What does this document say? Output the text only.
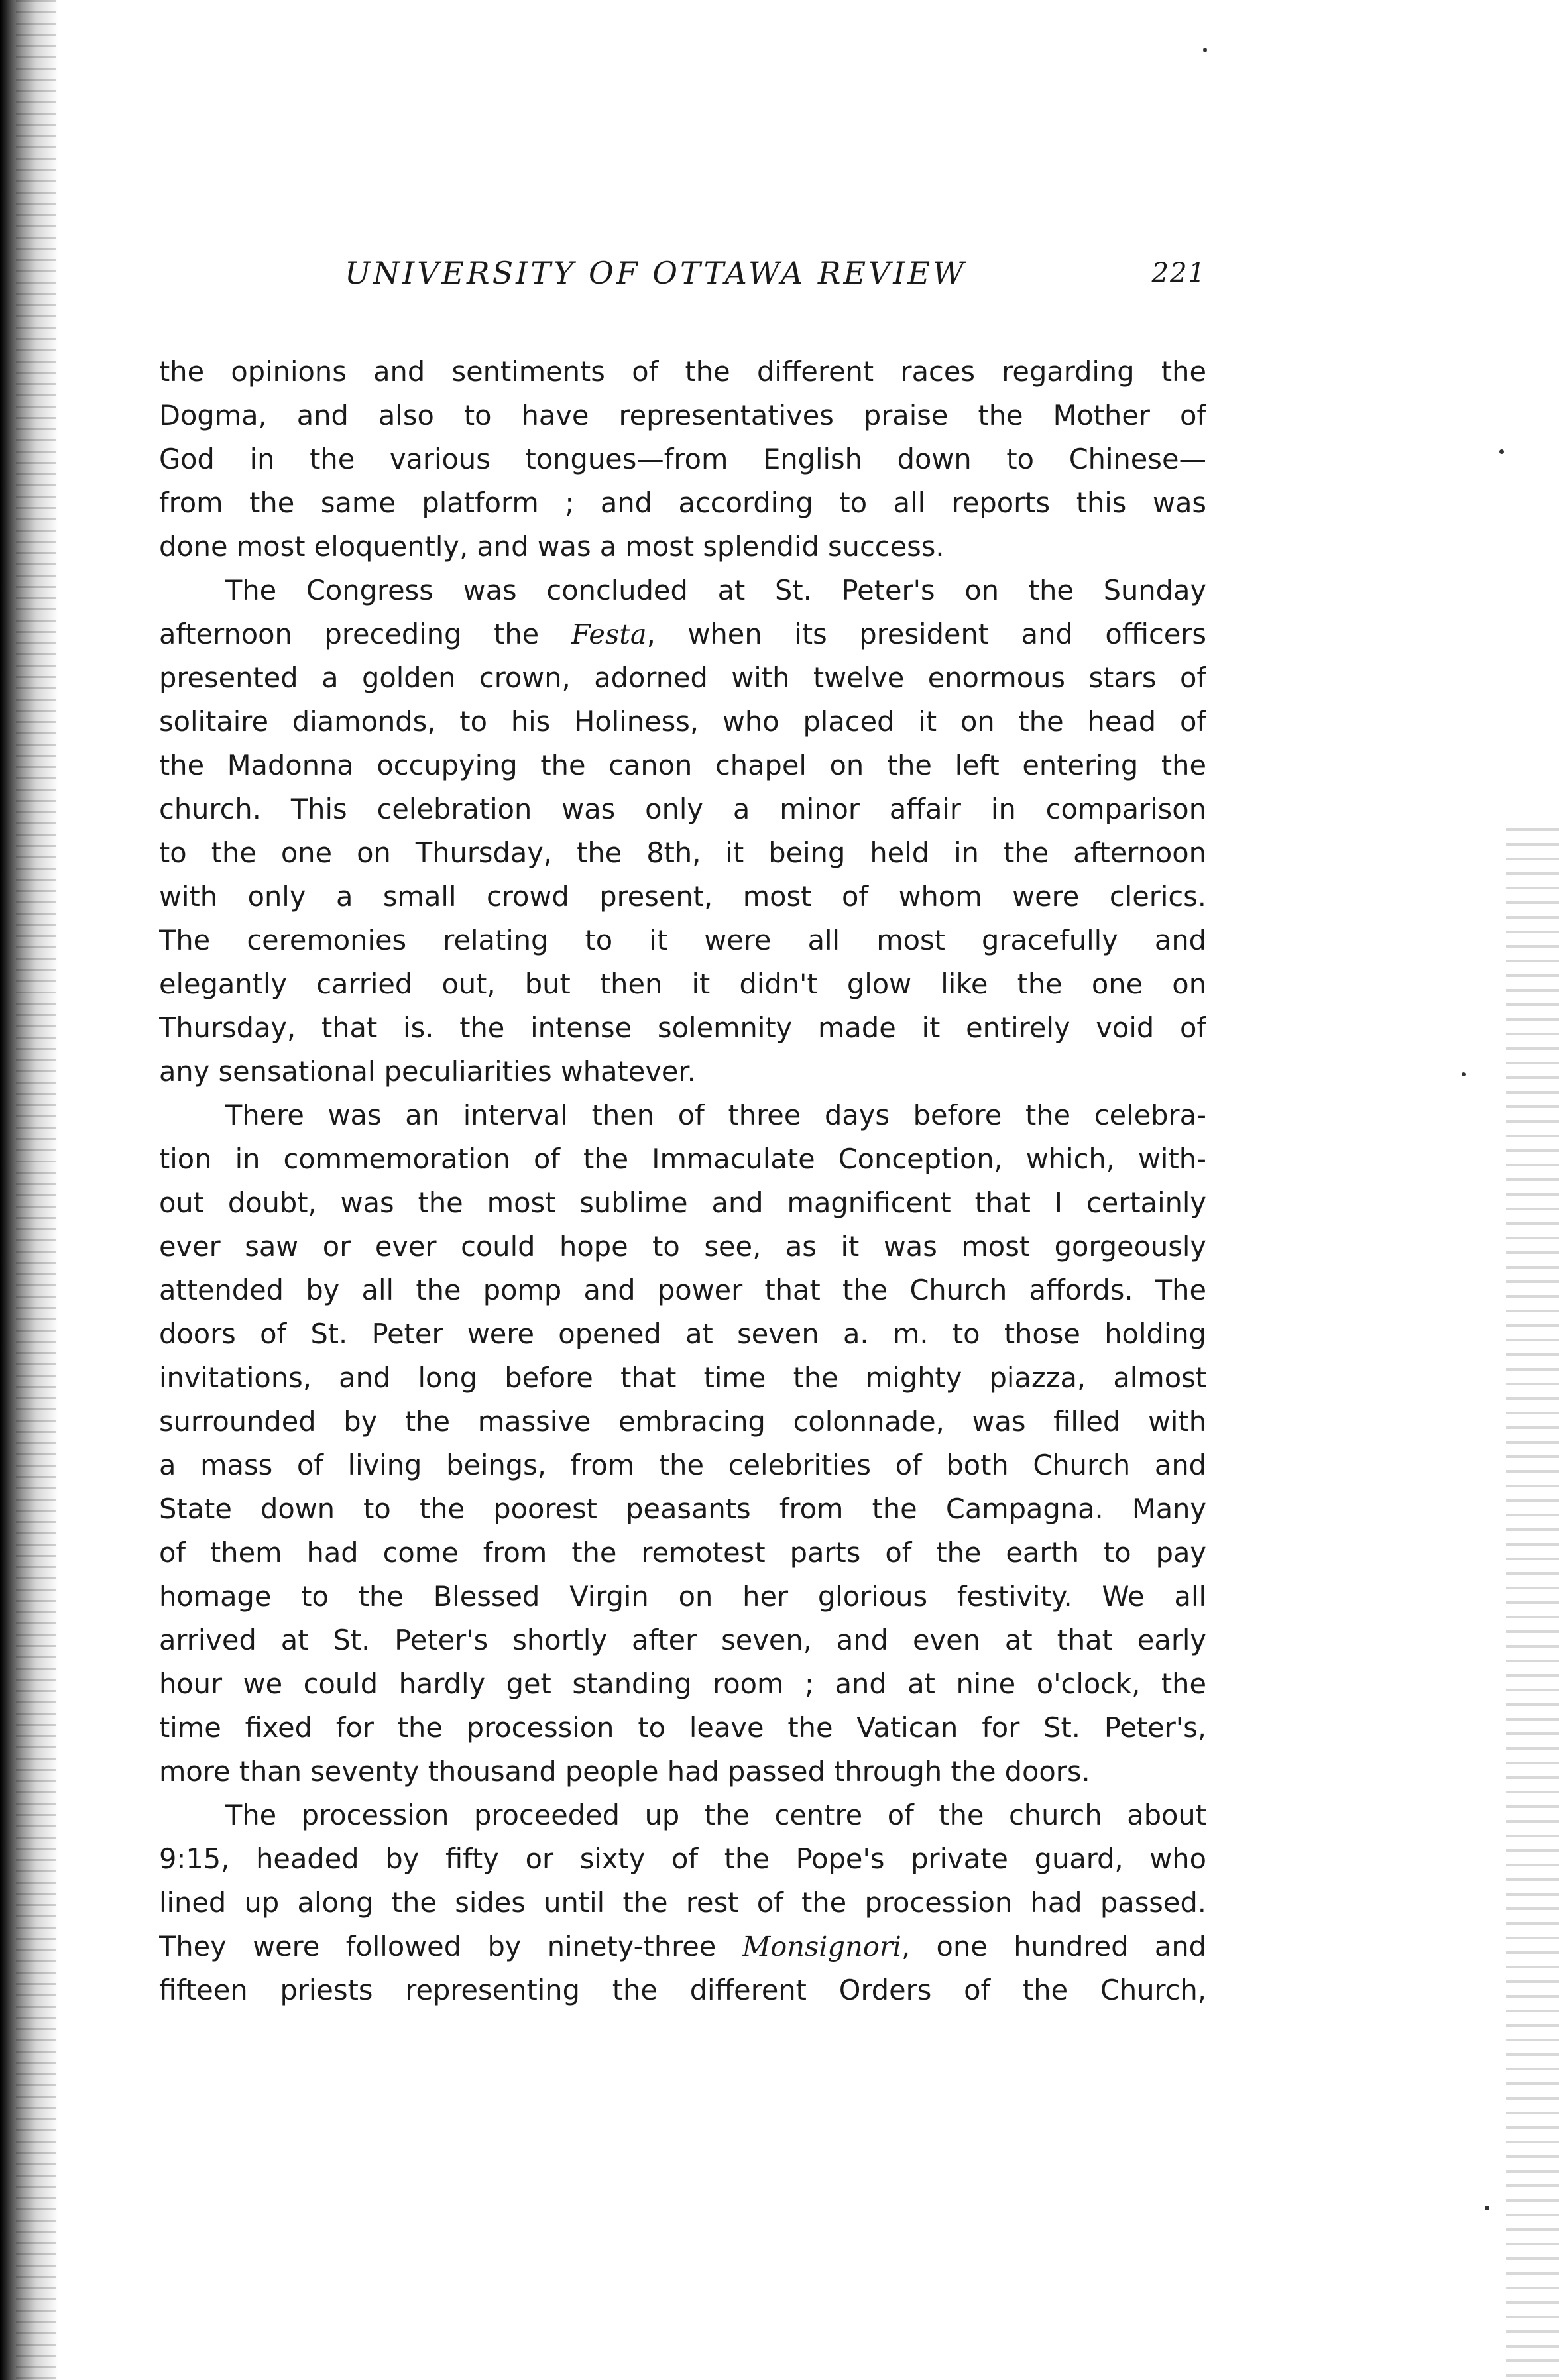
UNIVERSITY OF OTTAWA REVIEW	221
the opinions and sentiments of the different races regarding the
Dogma, and also to have representatives praise the Mother of
God in the various tongues—from English down to Chinese—
from the same platform ; and according to all reports this was
done most eloquently, and was a most splendid success.
The Congress was concluded at St. Peter's on the Sunday
afternoon preceding the Festa, when its president and officers
presented a golden crown, adorned with twelve enormous stars of
solitaire diamonds, to his Holiness, who placed it on the head of
the Madonna occupying the canon chapel on the left entering the
church. This celebration was only a minor affair in comparison
to the one on Thursday, the 8th, it being held in the afternoon
with only a small crowd present, most of whom were clerics.
The ceremonies relating to it were all most gracefully and
elegantly carried out, but then it didn't glow like the one on
Thursday, that is. the intense solemnity made it entirely void of
any sensational peculiarities whatever.
There was an interval then of three days before the celebra-
tion in commemoration of the Immaculate Conception, which, with-
out doubt, was the most sublime and magnificent that I certainly
ever saw or ever could hope to see, as it was most gorgeously
attended by all the pomp and power that the Church affords. The
doors of St. Peter were opened at seven a. m. to those holding
invitations, and long before that time the mighty piazza, almost
surrounded by the massive embracing colonnade, was filled with
a mass of living beings, from the celebrities of both Church and
State down to the poorest peasants from the Campagna. Many
of them had come from the remotest parts of the earth to pay
homage to the Blessed Virgin on her glorious festivity. We all
arrived at St. Peter's shortly after seven, and even at that early
hour we could hardly get standing room ; and at nine o'clock, the
time fixed for the procession to leave the Vatican for St. Peter's,
more than seventy thousand people had passed through the doors.
The procession proceeded up the centre of the church about
9:15, headed by fifty or sixty of the Pope's private guard, who
lined up along the sides until the rest of the procession had passed.
They were followed by ninety-three Monsignori, one hundred and
fifteen priests representing the different Orders of the Church,
